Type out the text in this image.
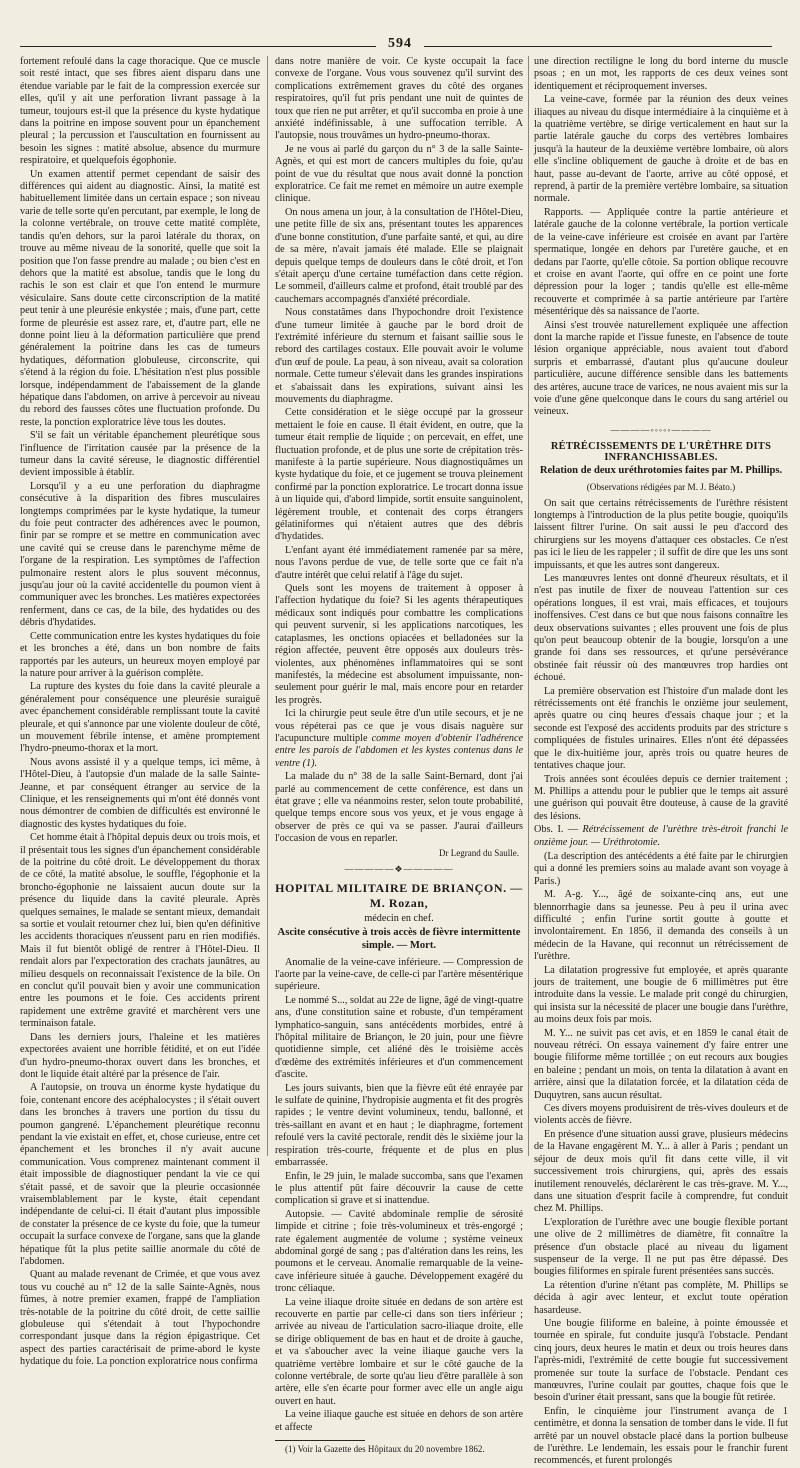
594

fortement refoulé dans la cage thoracique. Que ce muscle soit resté intact, que ses fibres aient disparu dans une étendue variable par le fait de la compression exercée sur elles, qu'il y ait une perforation livrant passage à la tumeur, toujours est-il que la présence du kyste hydatique dans la poitrine en impose souvent pour un épanchement pleural ; la percussion et l'auscultation en fournissent au besoin les signes : matité absolue, absence du murmure respiratoire, et quelquefois égophonie.

Un examen attentif permet cependant de saisir des différences qui aident au diagnostic. Ainsi, la matité est habituellement limitée dans un certain espace ; son niveau varie de telle sorte qu'en percutant, par exemple, le long de la colonne vertébrale, on trouve cette matité complète, tandis qu'en dehors, sur la paroi latérale du thorax, on trouve au même niveau de la sonorité, quelle que soit la position que l'on fasse prendre au malade ; ou bien c'est en dehors que la matité est absolue, tandis que le long du rachis le son est clair et que l'on entend le murmure vésiculaire. Sans doute cette circonscription de la matité peut tenir à une pleurésie enkystée ; mais, d'une part, cette forme de pleurésie est assez rare, et, d'autre part, elle ne donne point lieu à la déformation particulière que prend généralement la poitrine dans les cas de tumeurs hydatiques, déformation globuleuse, circonscrite, qui s'étend à la région du foie. L'hésitation n'est plus possible lorsque, indépendamment de l'abaissement de la glande hépatique dans l'abdomen, on arrive à percevoir au niveau du rebord des fausses côtes une fluctuation profonde. Du reste, la ponction exploratrice lève tous les doutes.

S'il se fait un véritable épanchement pleurétique sous l'influence de l'irritation causée par la présence de la tumeur dans la cavité séreuse, le diagnostic différentiel devient impossible à établir.

Lorsqu'il y a eu une perforation du diaphragme consécutive à la disparition des fibres musculaires longtemps comprimées par le kyste hydatique, la tumeur du foie peut contracter des adhérences avec le poumon, finir par se rompre et se mettre en communication avec une cavité qui se creuse dans le parenchyme même de l'organe de la respiration. Les symptômes de l'affection pulmonaire restent alors le plus souvent méconnus, jusqu'au jour où la cavité accidentelle du poumon vient à communiquer avec les bronches. Les matières expectorées renferment, dans ce cas, de la bile, des hydatides ou des débris d'hydatides.

Cette communication entre les kystes hydatiques du foie et les bronches a été, dans un bon nombre de faits rapportés par les auteurs, un heureux moyen employé par la nature pour arriver à la guérison complète.

La rupture des kystes du foie dans la cavité pleurale a généralement pour conséquence une pleurésie suraiguë avec épanchement considérable remplissant toute la cavité pleurale, et qui s'annonce par une violente douleur de côté, un mouvement fébrile intense, et amène promptement l'hydro-pneumo-thorax et la mort.

Nous avons assisté il y a quelque temps, ici même, à l'Hôtel-Dieu, à l'autopsie d'un malade de la salle Sainte-Jeanne, et par conséquent étranger au service de la Clinique, et les renseignements qui m'ont été donnés vont nous démontrer de combien de difficultés est environné le diagnostic des kystes hydatiques du foie.

Cet homme était à l'hôpital depuis deux ou trois mois, et il présentait tous les signes d'un épanchement considérable de la poitrine du côté droit. Le développement du thorax de ce côté, la matité absolue, le souffle, l'égophonie et la broncho-égophonie ne laissaient aucun doute sur la présence du liquide dans la cavité pleurale. Après quelques semaines, le malade se sentant mieux, demandait sa sortie et voulait retourner chez lui, bien qu'en définitive les accidents thoraciques n'eussent paru en rien modifiés. Mais il fut bientôt obligé de rentrer à l'Hôtel-Dieu. Il rendait alors par l'expectoration des crachats jaunâtres, au milieu desquels on reconnaissait l'existence de la bile. On en conclut qu'il pouvait bien y avoir une communication entre les poumons et le foie. Ces accidents prirent rapidement une extrême gravité et marchèrent vers une terminaison fatale.

Dans les derniers jours, l'haleine et les matières expectorées avaient une horrible fétidité, et on eut l'idée d'un hydro-pneumo-thorax ouvert dans les bronches, et dont le liquide était altéré par la présence de l'air.

A l'autopsie, on trouva un énorme kyste hydatique du foie, contenant encore des acéphalocystes ; il s'était ouvert dans les bronches à travers une portion du tissu du poumon gangrené. L'épanchement pleurétique reconnu pendant la vie existait en effet, et, chose curieuse, entre cet épanchement et les bronches il n'y avait aucune communication. Vous comprenez maintenant comment il était impossible de diagnostiquer pendant la vie ce qui s'était passé, et de savoir que la pleurie occasionnée vraisemblablement par le kyste, était cependant indépendante de celui-ci. Il était d'autant plus impossible de constater la présence de ce kyste du foie, que la tumeur occupait la surface convexe de l'organe, sans que la glande hépatique fût la plus petite saillie anormale du côté de l'abdomen.

Quant au malade revenant de Crimée, et que vous avez tous vu couché au n° 12 de la salle Sainte-Agnès, nous fûmes, à notre premier examen, frappé de l'ampliation très-notable de la poitrine du côté droit, de cette saillie globuleuse qui s'étendait à tout l'hypochondre correspondant jusque dans la région épigastrique. Cet aspect des parties caractérisait de prime-abord le kyste hydatique du foie. La ponction exploratrice nous confirma

dans notre manière de voir. Ce kyste occupait la face convexe de l'organe. Vous vous souvenez qu'il survint des complications extrêmement graves du côté des organes respiratoires, qu'il fut pris pendant une nuit de quintes de toux que rien ne put arrêter, et qu'il succomba en proie à une anxiété indéfinissable, à une suffocation terrible. A l'autopsie, nous trouvâmes un hydro-pneumo-thorax.

Je ne vous ai parlé du garçon du n° 3 de la salle Sainte-Agnès, et qui est mort de cancers multiples du foie, qu'au point de vue du résultat que nous avait donné la ponction exploratrice. Ce fait me remet en mémoire un autre exemple clinique.

On nous amena un jour, à la consultation de l'Hôtel-Dieu, une petite fille de six ans, présentant toutes les apparences d'une bonne constitution, d'une parfaite santé, et qui, au dire de sa mère, n'avait jamais été malade. Elle se plaignait depuis quelque temps de douleurs dans le côté droit, et l'on s'était aperçu d'une certaine tuméfaction dans cette région. Le sommeil, d'ailleurs calme et profond, était troublé par des cauchemars accompagnés d'anxiété précordiale.

Nous constatâmes dans l'hypochondre droit l'existence d'une tumeur limitée à gauche par le bord droit de l'extrémité inférieure du sternum et faisant saillie sous le rebord des cartilages costaux. Elle pouvait avoir le volume d'un œuf de poule. La peau, à son niveau, avait sa coloration normale. Cette tumeur s'élevait dans les grandes inspirations et s'abaissait dans les expirations, suivant ainsi les mouvements du diaphragme.

Cette considération et le siège occupé par la grosseur mettaient le foie en cause. Il était évident, en outre, que la tumeur était remplie de liquide ; on percevait, en effet, une fluctuation profonde, et de plus une sorte de crépitation très-manifeste à la partie supérieure. Nous diagnostiquâmes un kyste hydatique du foie, et ce jugement se trouva pleinement confirmé par la ponction exploratrice. Le trocart donna issue à un liquide qui, d'abord limpide, sortit ensuite sanguinolent, légèrement trouble, et contenait des corps étrangers gélatiniformes qui n'étaient autres que des débris d'hydatides.

L'enfant ayant été immédiatement ramenée par sa mère, nous l'avons perdue de vue, de telle sorte que ce fait n'a d'autre intérêt que celui relatif à l'âge du sujet.

Quels sont les moyens de traitement à opposer à l'affection hydatique du foie? Si les agents thérapeutiques médicaux sont indiqués pour combattre les complications qui peuvent survenir, si les applications narcotiques, les cataplasmes, les onctions opiacées et belladonées sur la région affectée, peuvent être opposés aux douleurs très-violentes, aux phénomènes inflammatoires qui se sont manifestés, la médecine est absolument impuissante, non-seulement pour guérir le mal, mais encore pour en retarder les progrès.

Ici la chirurgie peut seule être d'un utile secours, et je ne vous répéterai pas ce que je vous disais naguère sur l'acupuncture multiple comme moyen d'obtenir l'adhérence entre les parois de l'abdomen et les kystes contenus dans le ventre (1).

La malade du n° 38 de la salle Saint-Bernard, dont j'ai parlé au commencement de cette conférence, est dans un état grave ; elle va néanmoins rester, selon toute probabilité, quelque temps encore sous vos yeux, et je vous engage à observer de près ce qui va se passer. J'aurai d'ailleurs l'occasion de vous en reparler.

Dr Legrand du Saulle.
—————❖—————
HOPITAL MILITAIRE DE BRIANÇON. — M. Rozan,
médecin en chef.
Ascite consécutive à trois accès de fièvre intermittente simple. — Mort.

Anomalie de la veine-cave inférieure. — Compression de l'aorte par la veine-cave, de celle-ci par l'artère mésentérique supérieure.

Le nommé S..., soldat au 22e de ligne, âgé de vingt-quatre ans, d'une constitution saine et robuste, d'un tempérament lymphatico-sanguin, sans antécédents morbides, entré à l'hôpital militaire de Briançon, le 20 juin, pour une fièvre quotidienne simple, cet aliéné dès le troisième accès d'œdème des extrémités inférieures et d'un commencement d'ascite.

Les jours suivants, bien que la fièvre eût été enrayée par le sulfate de quinine, l'hydropisie augmenta et fit des progrès rapides ; le ventre devint volumineux, tendu, ballonné, et très-saillant en avant et en haut ; le diaphragme, fortement refoulé vers la cavité pectorale, rendit dès le sixième jour la respiration très-courte, fréquente et de plus en plus embarrassée.

Enfin, le 29 juin, le malade succomba, sans que l'examen le plus attentif pût faire découvrir la cause de cette complication si grave et si inattendue.

Autopsie. — Cavité abdominale remplie de sérosité limpide et citrine ; foie très-volumineux et très-engorgé ; rate également augmentée de volume ; système veineux abdominal gorgé de sang ; pas d'altération dans les reins, les poumons et le cerveau. Anomalie remarquable de la veine-cave inférieure située à gauche. Développement exagéré du tronc céliaque.

La veine iliaque droite située en dedans de son artère est recouverte en partie par celle-ci dans son tiers inférieur ; arrivée au niveau de l'articulation sacro-iliaque droite, elle se dirige obliquement de bas en haut et de droite à gauche, et va s'aboucher avec la veine iliaque gauche vers la quatrième vertèbre lombaire et sur le côté gauche de la colonne vertébrale, de sorte qu'au lieu d'être parallèle à son artère, elle s'en écarte pour former avec elle un angle aigu ouvert en haut.

La veine iliaque gauche est située en dehors de son artère et affecte

(1) Voir la Gazette des Hôpitaux du 20 novembre 1862.

une direction rectiligne le long du bord interne du muscle psoas ; en un mot, les rapports de ces deux veines sont identiquement et réciproquement inverses.

La veine-cave, formée par la réunion des deux veines iliaques au niveau du disque intermédiaire à la cinquième et à la quatrième vertèbre, se dirige verticalement en haut sur la partie latérale gauche du corps des vertèbres lombaires jusqu'à la hauteur de la deuxième vertèbre lombaire, où alors elle s'incline obliquement de gauche à droite et de bas en haut, passe au-devant de l'aorte, arrive au côté opposé, et reprend, à partir de la première vertèbre lombaire, sa situation normale.

Rapports. — Appliquée contre la partie antérieure et latérale gauche de la colonne vertébrale, la portion verticale de la veine-cave inférieure est croisée en avant par l'artère spermatique, longée en dehors par l'uretère gauche, et en dedans par l'aorte, qu'elle côtoie. Sa portion oblique recouvre et croise en avant l'aorte, qui offre en ce point une forte dépression pour la loger ; tandis qu'elle est elle-même recouverte et comprimée à sa partie antérieure par l'artère mésentérique dès sa naissance de l'aorte.

Ainsi s'est trouvée naturellement expliquée une affection dont la marche rapide et l'issue funeste, en l'absence de toute lésion organique appréciable, nous avaient tout d'abord surpris et embarrassé, d'autant plus qu'aucune douleur particulière, aucune différence sensible dans les battements des artères, aucune trace de varices, ne nous avaient mis sur la voie d'une gêne quelconque dans le cours du sang artériel ou veineux.

————◦◦◦◦◦————
RÉTRÉCISSEMENTS DE L'URÈTHRE DITS INFRANCHISSABLES.
Relation de deux uréthrotomies faites par M. Phillips.
(Observations rédigées par M. J. Béato.)

On sait que certains rétrécissements de l'urèthre résistent longtemps à l'introduction de la plus petite bougie, quoiqu'ils laissent filtrer l'urine. On sait aussi le peu d'accord des chirurgiens sur les moyens d'attaquer ces obstacles. Ce n'est pas ici le lieu de les rappeler ; il suffit de dire que les uns sont impuissants, et que les autres sont dangereux.

Les manœuvres lentes ont donné d'heureux résultats, et il n'est pas inutile de fixer de nouveau l'attention sur ces opérations longues, il est vrai, mais efficaces, et toujours inoffensives. C'est dans ce but que nous faisons connaître les deux observations suivantes ; elles prouvent une fois de plus qu'on peut beaucoup obtenir de la bougie, lorsqu'on a une grande foi dans ses ressources, et qu'une persévérance obstinée fait réussir où des manœuvres trop hardies ont échoué.

La première observation est l'histoire d'un malade dont les rétrécissements ont été franchis le onzième jour seulement, après quatre ou cinq heures d'essais chaque jour ; et la seconde est l'exposé des accidents produits par des stricture s compliquées de fistules urinaires. Elles n'ont été dépassées que le dix-huitième jour, après trois ou quatre heures de tentatives chaque jour.

Trois années sont écoulées depuis ce dernier traitement ; M. Phillips a attendu pour le publier que le temps ait assuré une guérison qui pouvait être douteuse, à cause de la gravité des lésions.

Obs. I. — Rétrécissement de l'urèthre très-étroit franchi le onzième jour. — Uréthrotomie.

(La description des antécédents a été faite par le chirurgien qui a donné les premiers soins au malade avant son voyage à Paris.)

M. A-g. Y..., âgé de soixante-cinq ans, eut une blennorrhagie dans sa jeunesse. Peu à peu il urina avec difficulté ; enfin l'urine sortit goutte à goutte et involontairement. En 1856, il demanda des conseils à un médecin de la Havane, qui reconnut un rétrécissement de l'urèthre.

La dilatation progressive fut employée, et après quarante jours de traitement, une bougie de 6 millimètres put être introduite dans la vessie. Le malade prit congé du chirurgien, qui insista sur la nécessité de placer une bougie dans l'urèthre, au moins deux fois par mois.

M. Y... ne suivit pas cet avis, et en 1859 le canal était de nouveau rétréci. On essaya vainement d'y faire entrer une bougie filiforme même tortillée ; on eut recours aux bougies en baleine ; pendant un mois, on tenta la dilatation à avant en arrière, ainsi que la dilatation forcée, et la dilatation céda de Duquytren, sans aucun résultat.

Ces divers moyens produisirent de très-vives douleurs et de violents accès de fièvre.

En présence d'une situation aussi grave, plusieurs médecins de la Havane engagèrent M. Y... à aller à Paris ; pendant un séjour de deux mois qu'il fit dans cette ville, il vit successivement trois chirurgiens, qui, après des essais inutilement renouvelés, déclarèrent le cas très-grave. M. Y..., dans une situation d'esprit facile à comprendre, fut conduit chez M. Phillips.

L'exploration de l'urèthre avec une bougie flexible portant une olive de 2 millimètres de diamètre, fit connaître la présence d'un obstacle placé au niveau du ligament suspenseur de la verge. Il ne put pas être dépassé. Des bougies filiformes en spirale furent présentées sans succès.

La rétention d'urine n'étant pas complète, M. Phillips se décida à agir avec lenteur, et exclut toute opération hasardeuse.

Une bougie filiforme en baleine, à pointe émoussée et tournée en spirale, fut conduite jusqu'à l'obstacle. Pendant cinq jours, deux heures le matin et deux ou trois heures dans l'après-midi, l'extrémité de cette bougie fut successivement promenée sur toute la surface de l'obstacle. Pendant ces manœuvres, l'urine coulait par gouttes, chaque fois que le besoin d'uriner était pressant, sans que la bougie fût retirée.

Enfin, le cinquième jour l'instrument avança de 1 centimètre, et donna la sensation de tomber dans le vide. Il fut arrêté par un nouvel obstacle placé dans la portion bulbeuse de l'urèthre. Le lendemain, les essais pour le franchir furent recommencés, et furent prolongés
